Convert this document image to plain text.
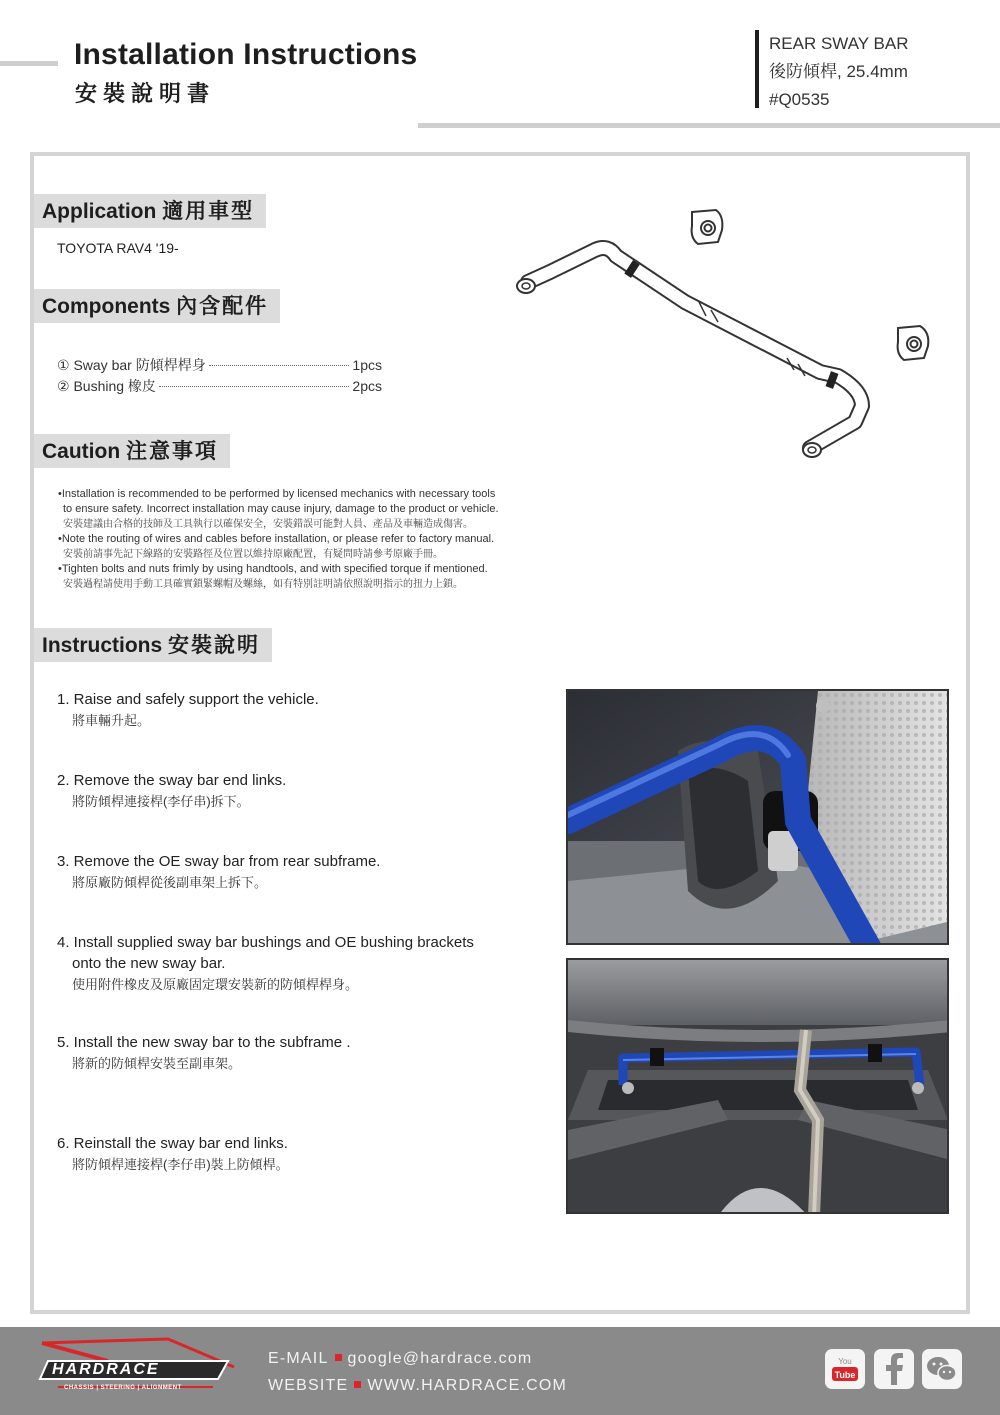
Installation Instructions
安裝說明書
REAR SWAY BAR
後防傾桿, 25.4mm
#Q0535
Application 適用車型
TOYOTA RAV4 '19-
Components 內含配件
① Sway bar 防傾桿桿身	1pcs
② Bushing 橡皮	2pcs
Caution 注意事項
•Installation is recommended to be performed by licensed mechanics with necessary tools
to ensure safety. Incorrect installation may cause injury, damage to the product or vehicle.
安裝建議由合格的技師及工具執行以確保安全，安裝錯誤可能對人員、產品及車輛造成傷害。
•Note the routing of wires and cables before installation, or please refer to factory manual.
安裝前請事先記下線路的安裝路徑及位置以維持原廠配置，有疑問時請參考原廠手冊。
•Tighten bolts and nuts frimly by using handtools, and with specified torque if mentioned.
安裝過程請使用手動工具確實鎖緊螺帽及螺絲，如有特別註明請依照說明指示的扭力上鎖。
Instructions 安裝說明
1. Raise and safely support the vehicle.
將車輛升起。
2. Remove the sway bar end links.
將防傾桿連接桿(李仔串)拆下。
3. Remove the OE sway bar from rear subframe.
將原廠防傾桿從後副車架上拆下。
4. Install supplied sway bar bushings and OE bushing brackets
onto the new sway bar.
使用附件橡皮及原廠固定環安裝新的防傾桿桿身。
5. Install the new sway bar to the subframe .
將新的防傾桿安裝至副車架。
6. Reinstall the sway bar end links.
將防傾桿連接桿(李仔串)裝上防傾桿。
HARDRACE
CHASSIS | STEERING | ALIGNMENT
E-MAIL google@hardrace.com
WEBSITE WWW.HARDRACE.COM
You
Tube
